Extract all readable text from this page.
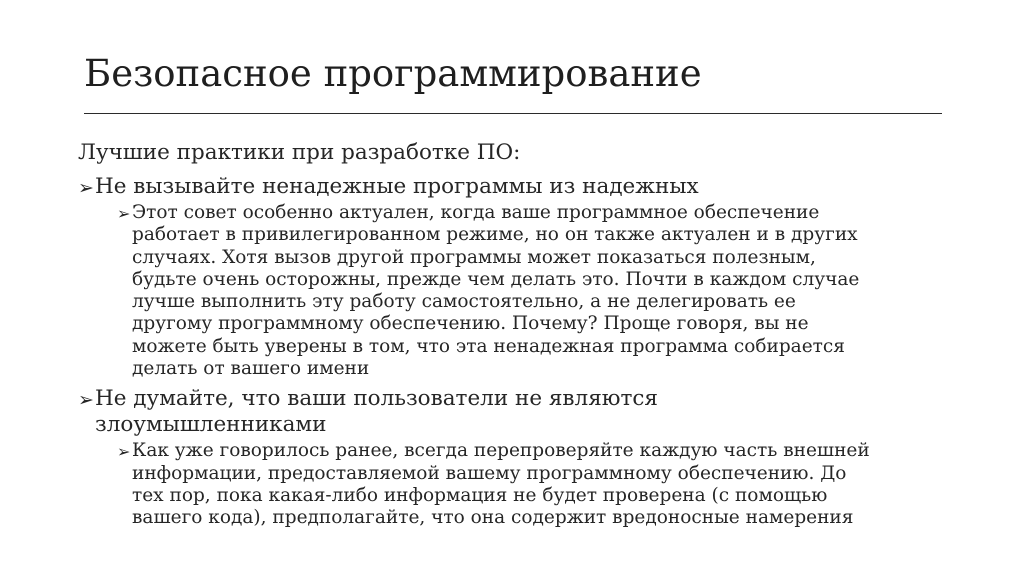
Безопасное программирование
Лучшие практики при разработке ПО:
➢ Не вызывайте ненадежные программы из надежных
➢ Этот совет особенно актуален, когда ваше программное обеспечение
работает в привилегированном режиме, но он также актуален и в других
случаях. Хотя вызов другой программы может показаться полезным,
будьте очень осторожны, прежде чем делать это. Почти в каждом случае
лучше выполнить эту работу самостоятельно, а не делегировать ее
другому программному обеспечению. Почему? Проще говоря, вы не
можете быть уверены в том, что эта ненадежная программа собирается
делать от вашего имени
➢ Не думайте, что ваши пользователи не являются
злоумышленниками
➢ Как уже говорилось ранее, всегда перепроверяйте каждую часть внешней
информации, предоставляемой вашему программному обеспечению. До
тех пор, пока какая-либо информация не будет проверена (с помощью
вашего кода), предполагайте, что она содержит вредоносные намерения
